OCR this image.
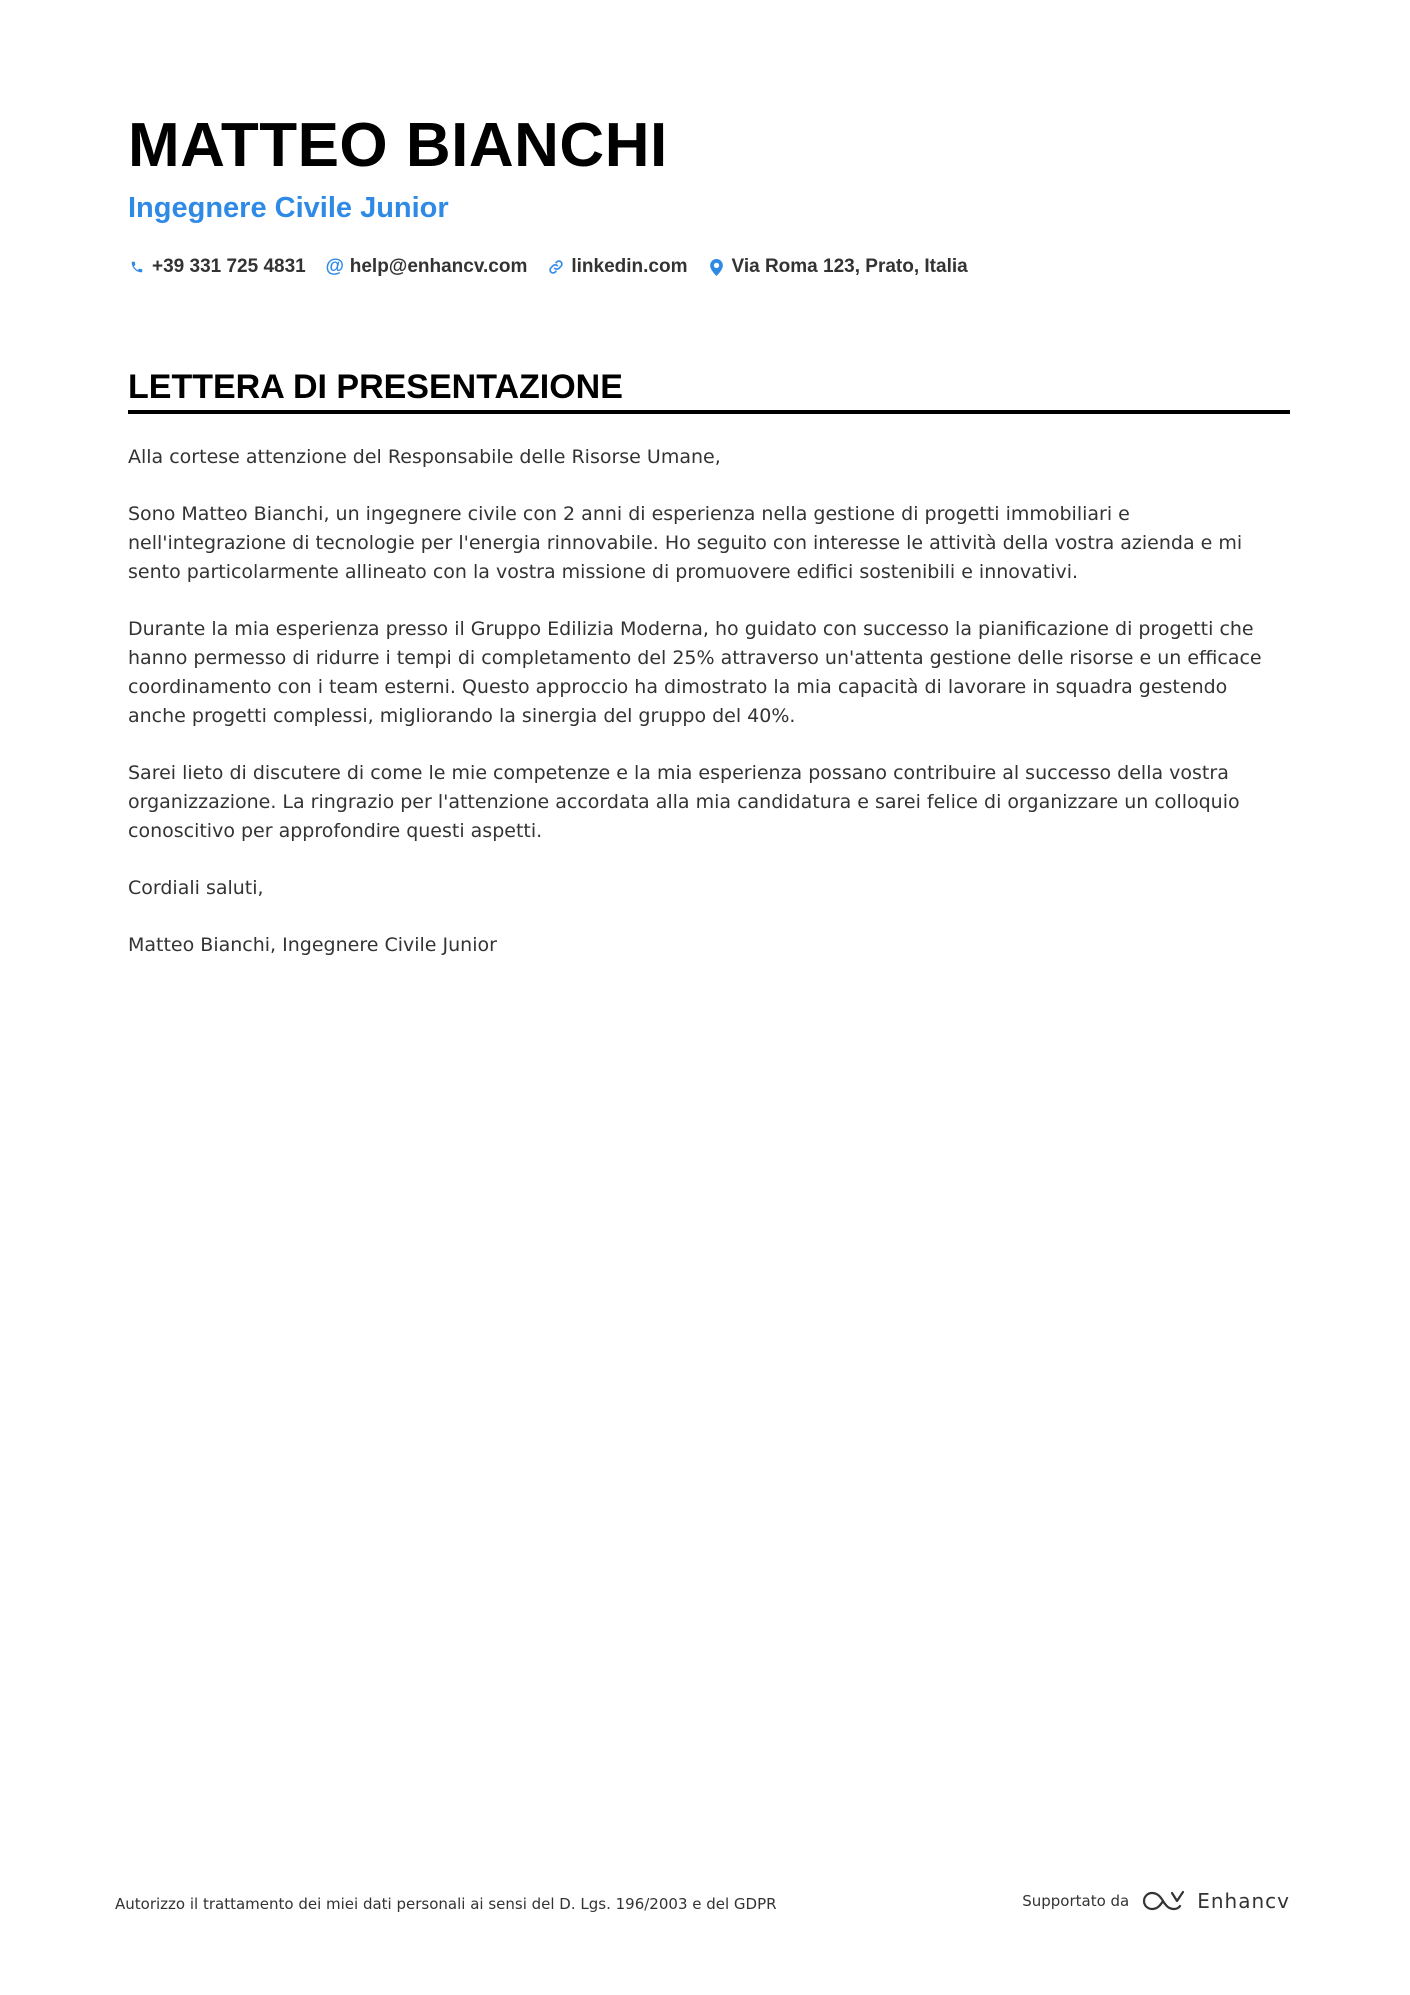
MATTEO BIANCHI
Ingegnere Civile Junior
+39 331 725 4831 @ help@enhancv.com linkedin.com Via Roma 123, Prato, Italia
LETTERA DI PRESENTAZIONE

Alla cortese attenzione del Responsabile delle Risorse Umane,

Sono Matteo Bianchi, un ingegnere civile con 2 anni di esperienza nella gestione di progetti immobiliari e nell'integrazione di tecnologie per l'energia rinnovabile. Ho seguito con interesse le attività della vostra azienda e mi sento particolarmente allineato con la vostra missione di promuovere edifici sostenibili e innovativi.

Durante la mia esperienza presso il Gruppo Edilizia Moderna, ho guidato con successo la pianificazione di progetti che hanno permesso di ridurre i tempi di completamento del 25% attraverso un'attenta gestione delle risorse e un efficace coordinamento con i team esterni. Questo approccio ha dimostrato la mia capacità di lavorare in squadra gestendo anche progetti complessi, migliorando la sinergia del gruppo del 40%.

Sarei lieto di discutere di come le mie competenze e la mia esperienza possano contribuire al successo della vostra organizzazione. La ringrazio per l'attenzione accordata alla mia candidatura e sarei felice di organizzare un colloquio conoscitivo per approfondire questi aspetti.

Cordiali saluti,

Matteo Bianchi, Ingegnere Civile Junior

Autorizzo il trattamento dei miei dati personali ai sensi del D. Lgs. 196/2003 e del GDPR	Supportato da	Enhancv
